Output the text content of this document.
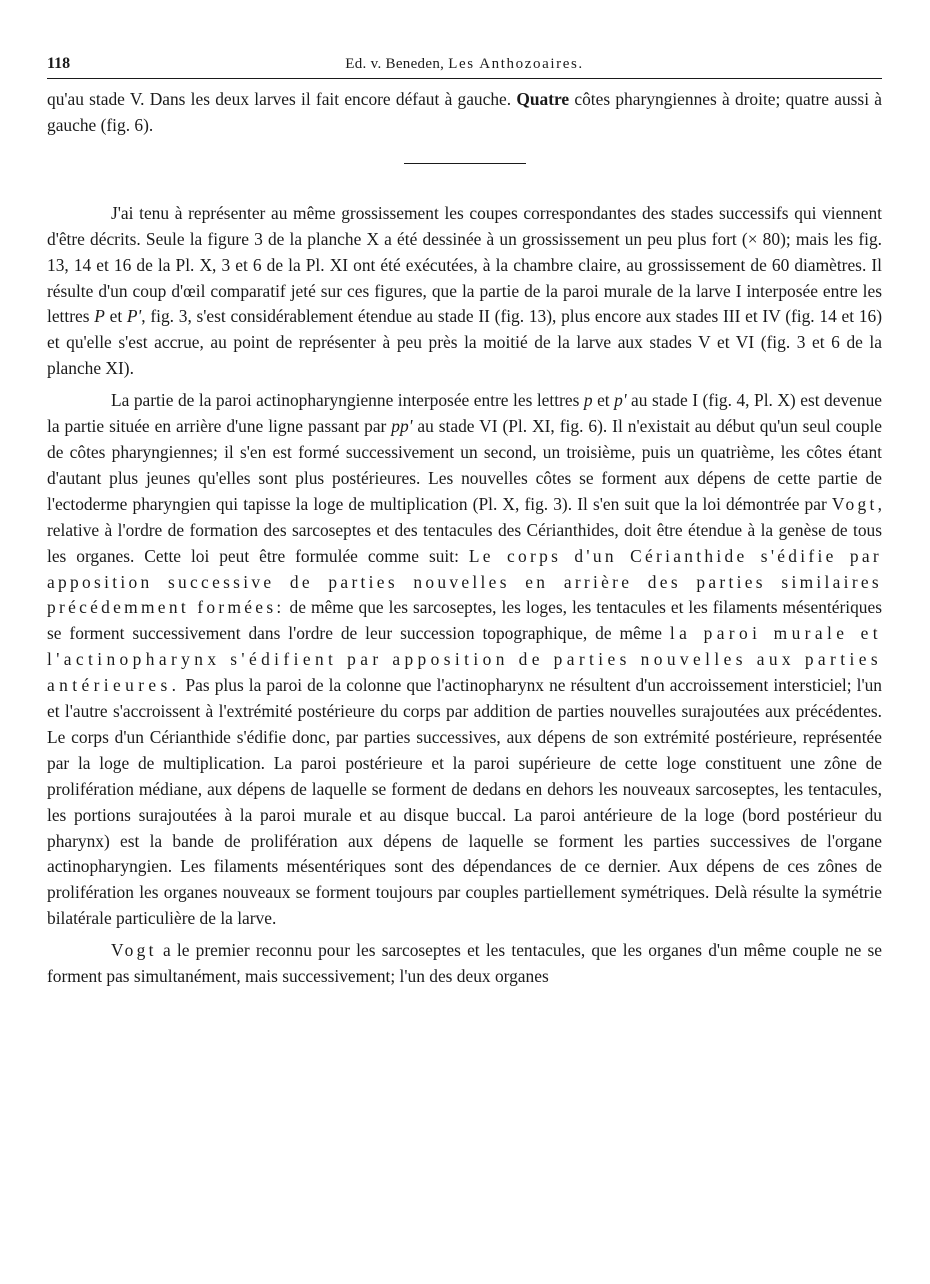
118	Ed. v. Beneden, Les Anthozoaires.

qu'au stade V. Dans les deux larves il fait encore défaut à gauche. Quatre côtes pharyngiennes à droite; quatre aussi à gauche (fig. 6).

J'ai tenu à représenter au même grossissement les coupes correspondantes des stades successifs qui viennent d'être décrits. Seule la figure 3 de la planche X a été dessinée à un grossissement un peu plus fort (× 80); mais les fig. 13, 14 et 16 de la Pl. X, 3 et 6 de la Pl. XI ont été exécutées, à la chambre claire, au grossissement de 60 diamètres. Il résulte d'un coup d'œil comparatif jeté sur ces figures, que la partie de la paroi murale de la larve I interposée entre les lettres P et P', fig. 3, s'est considérablement étendue au stade II (fig. 13), plus encore aux stades III et IV (fig. 14 et 16) et qu'elle s'est accrue, au point de représenter à peu près la moitié de la larve aux stades V et VI (fig. 3 et 6 de la planche XI).

La partie de la paroi actinopharyngienne interposée entre les lettres p et p' au stade I (fig. 4, Pl. X) est devenue la partie située en arrière d'une ligne passant par pp' au stade VI (Pl. XI, fig. 6). Il n'existait au début qu'un seul couple de côtes pharyngiennes; il s'en est formé successivement un second, un troisième, puis un quatrième, les côtes étant d'autant plus jeunes qu'elles sont plus postérieures. Les nouvelles côtes se forment aux dépens de cette partie de l'ectoderme pharyngien qui tapisse la loge de multiplication (Pl. X, fig. 3). Il s'en suit que la loi démontrée par Vogt, relative à l'ordre de formation des sarcoseptes et des tentacules des Cérianthides, doit être étendue à la genèse de tous les organes. Cette loi peut être formulée comme suit: Le corps d'un Cérianthide s'édifie par apposition successive de parties nouvelles en arrière des parties similaires précédemment formées: de même que les sarcoseptes, les loges, les tentacules et les filaments mésentériques se forment successivement dans l'ordre de leur succession topographique, de même la paroi murale et l'actinopharynx s'édifient par apposition de parties nouvelles aux parties antérieures. Pas plus la paroi de la colonne que l'actinopharynx ne résultent d'un accroissement intersticiel; l'un et l'autre s'accroissent à l'extrémité postérieure du corps par addition de parties nouvelles surajoutées aux précédentes. Le corps d'un Cérianthide s'édifie donc, par parties successives, aux dépens de son extrémité postérieure, représentée par la loge de multiplication. La paroi postérieure et la paroi supérieure de cette loge constituent une zône de prolifération médiane, aux dépens de laquelle se forment de dedans en dehors les nouveaux sarcoseptes, les tentacules, les portions surajoutées à la paroi murale et au disque buccal. La paroi antérieure de la loge (bord postérieur du pharynx) est la bande de prolifération aux dépens de laquelle se forment les parties successives de l'organe actinopharyngien. Les filaments mésentériques sont des dépendances de ce dernier. Aux dépens de ces zônes de prolifération les organes nouveaux se forment toujours par couples partiellement symétriques. Delà résulte la symétrie bilatérale particulière de la larve.

Vogt a le premier reconnu pour les sarcoseptes et les tentacules, que les organes d'un même couple ne se forment pas simultanément, mais successivement; l'un des deux organes
